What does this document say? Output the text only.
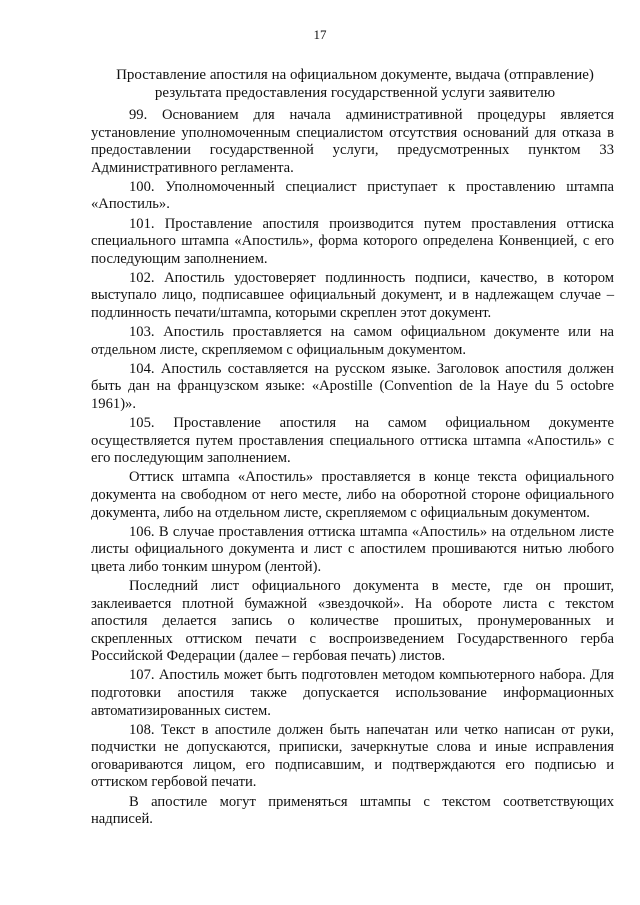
17
Проставление апостиля на официальном документе, выдача (отправление) результата предоставления государственной услуги заявителю

99. Основанием для начала административной процедуры является установление уполномоченным специалистом отсутствия оснований для отказа в предоставлении государственной услуги, предусмотренных пунктом 33 Административного регламента.

100. Уполномоченный специалист приступает к проставлению штампа «Апостиль».

101. Проставление апостиля производится путем проставления оттиска специального штампа «Апостиль», форма которого определена Конвенцией, с его последующим заполнением.

102. Апостиль удостоверяет подлинность подписи, качество, в котором выступало лицо, подписавшее официальный документ, и в надлежащем случае – подлинность печати/штампа, которыми скреплен этот документ.

103. Апостиль проставляется на самом официальном документе или на отдельном листе, скрепляемом с официальным документом.

104. Апостиль составляется на русском языке. Заголовок апостиля должен быть дан на французском языке: «Apostille (Convention de la Haye du 5 octobre 1961)».

105. Проставление апостиля на самом официальном документе осуществляется путем проставления специального оттиска штампа «Апостиль» с его последующим заполнением.

Оттиск штампа «Апостиль» проставляется в конце текста официального документа на свободном от него месте, либо на оборотной стороне официального документа, либо на отдельном листе, скрепляемом с официальным документом.

106. В случае проставления оттиска штампа «Апостиль» на отдельном листе листы официального документа и лист с апостилем прошиваются нитью любого цвета либо тонким шнуром (лентой).

Последний лист официального документа в месте, где он прошит, заклеивается плотной бумажной «звездочкой». На обороте листа с текстом апостиля делается запись о количестве прошитых, пронумерованных и скрепленных оттиском печати с воспроизведением Государственного герба Российской Федерации (далее – гербовая печать) листов.

107. Апостиль может быть подготовлен методом компьютерного набора. Для подготовки апостиля также допускается использование информационных автоматизированных систем.

108. Текст в апостиле должен быть напечатан или четко написан от руки, подчистки не допускаются, приписки, зачеркнутые слова и иные исправления оговариваются лицом, его подписавшим, и подтверждаются его подписью и оттиском гербовой печати.

В апостиле могут применяться штампы с текстом соответствующих надписей.
